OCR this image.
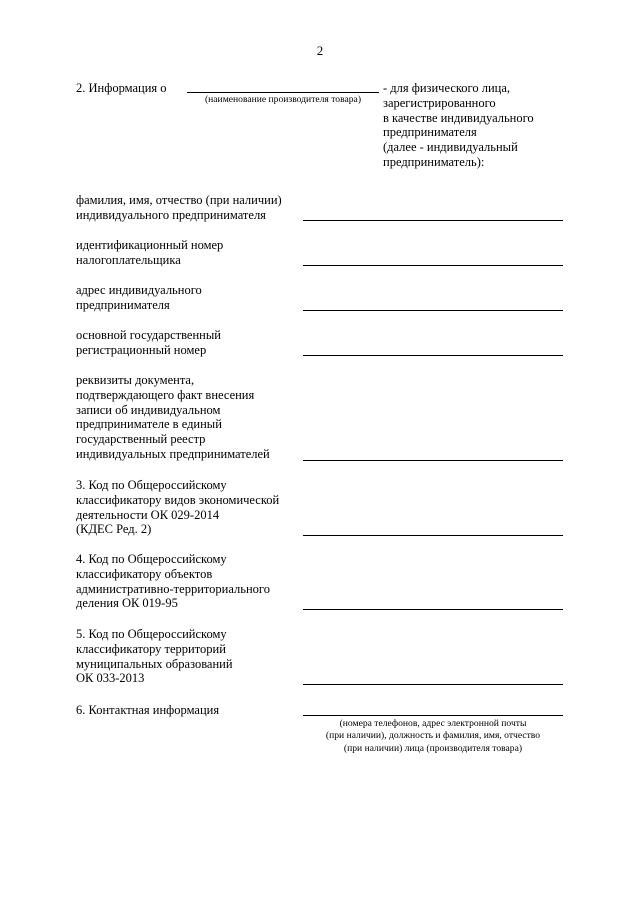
2
2. Информация о
(наименование производителя товара)
- для физического лица,
зарегистрированного
в качестве индивидуального
предпринимателя
(далее - индивидуальный
предприниматель):
фамилия, имя, отчество (при наличии)
индивидуального предпринимателя
идентификационный номер
налогоплательщика
адрес индивидуального
предпринимателя
основной государственный
регистрационный номер
реквизиты документа,
подтверждающего факт внесения
записи об индивидуальном
предпринимателе в единый
государственный реестр
индивидуальных предпринимателей
3. Код по Общероссийскому
классификатору видов экономической
деятельности ОК 029-2014
(КДЕС Ред. 2)
4. Код по Общероссийскому
классификатору объектов
административно-территориального
деления ОК 019-95
5. Код по Общероссийскому
классификатору территорий
муниципальных образований
ОК 033-2013
6. Контактная информация
(номера телефонов, адрес электронной почты
(при наличии), должность и фамилия, имя, отчество
(при наличии) лица (производителя товара)
